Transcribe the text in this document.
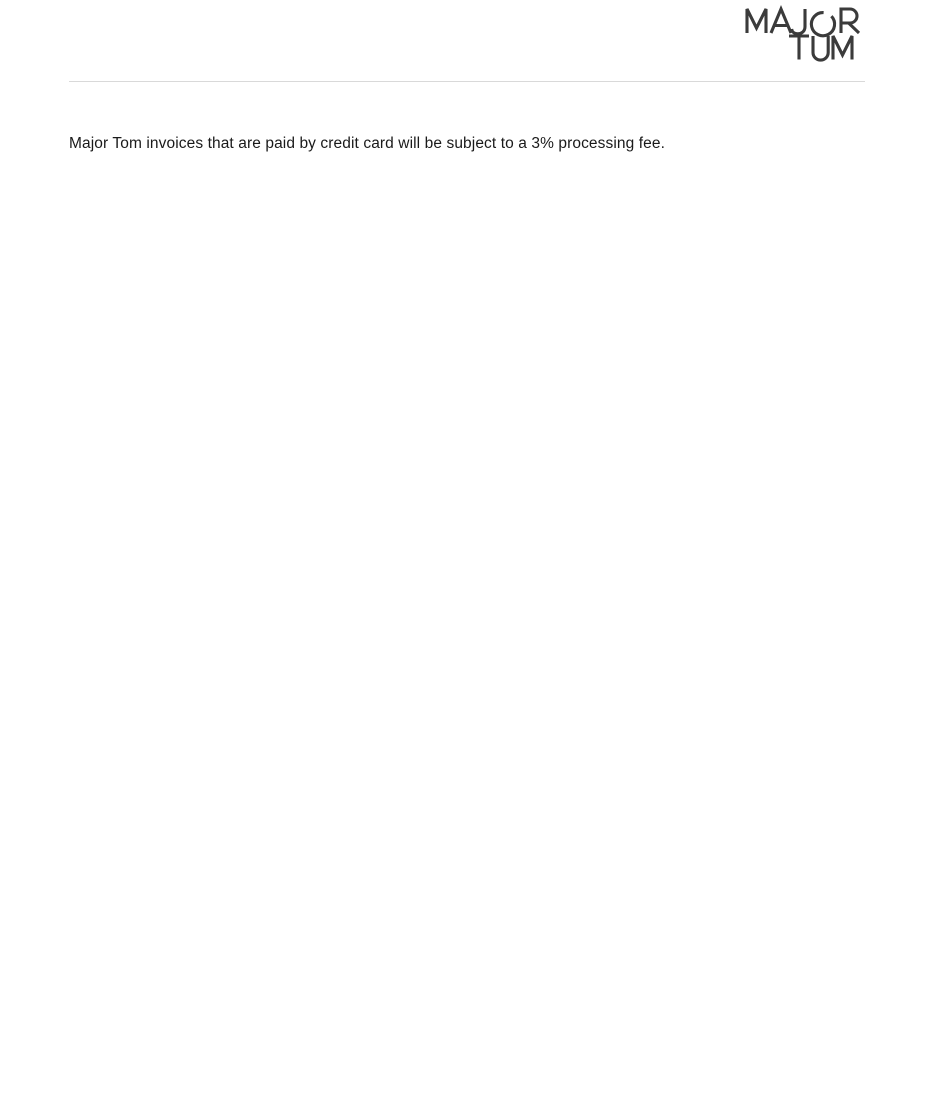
Major Tom invoices that are paid by credit card will be subject to a 3% processing fee.
